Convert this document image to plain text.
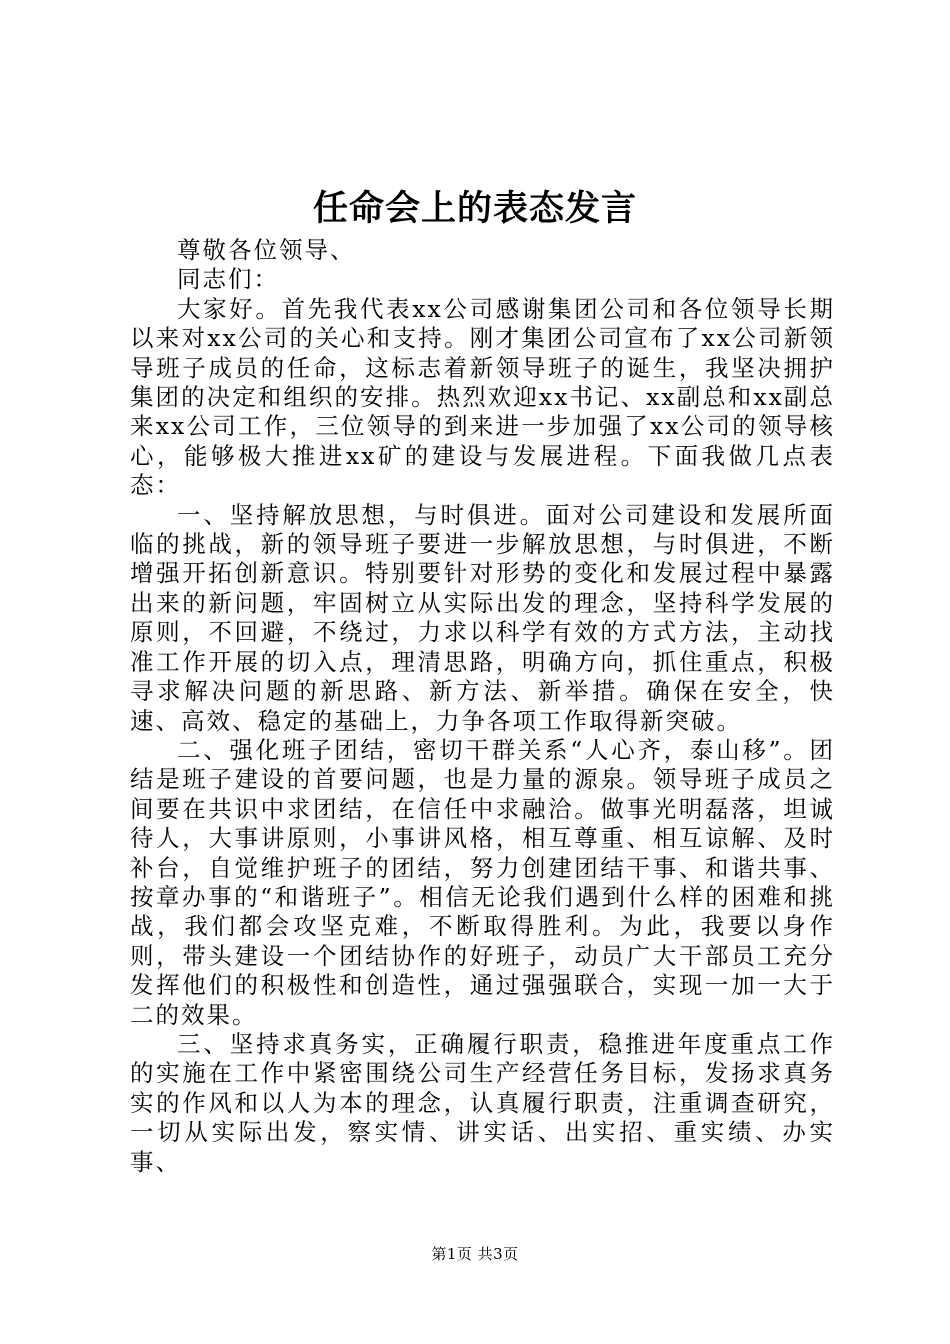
任命会上的表态发言

尊敬各位领导、

同志们：

大家好。首先我代表xx公司感谢集团公司和各位领导长期以来对xx公司的关心和支持。刚才集团公司宣布了xx公司新领导班子成员的任命，这标志着新领导班子的诞生，我坚决拥护集团的决定和组织的安排。热烈欢迎xx书记、xx副总和xx副总来xx公司工作，三位领导的到来进一步加强了xx公司的领导核心，能够极大推进xx矿的建设与发展进程。下面我做几点表态：

一、坚持解放思想，与时俱进。面对公司建设和发展所面临的挑战，新的领导班子要进一步解放思想，与时俱进，不断增强开拓创新意识。特别要针对形势的变化和发展过程中暴露出来的新问题，牢固树立从实际出发的理念，坚持科学发展的原则，不回避，不绕过，力求以科学有效的方式方法，主动找准工作开展的切入点，理清思路，明确方向，抓住重点，积极寻求解决问题的新思路、新方法、新举措。确保在安全，快速、高效、稳定的基础上，力争各项工作取得新突破。

二、强化班子团结，密切干群关系“人心齐，泰山移”。团结是班子建设的首要问题，也是力量的源泉。领导班子成员之间要在共识中求团结，在信任中求融洽。做事光明磊落，坦诚待人，大事讲原则，小事讲风格，相互尊重、相互谅解、及时补台，自觉维护班子的团结，努力创建团结干事、和谐共事、按章办事的“和谐班子”。相信无论我们遇到什么样的困难和挑战，我们都会攻坚克难，不断取得胜利。为此，我要以身作则，带头建设一个团结协作的好班子，动员广大干部员工充分发挥他们的积极性和创造性，通过强强联合，实现一加一大于二的效果。

三、坚持求真务实，正确履行职责，稳推进年度重点工作的实施在工作中紧密围绕公司生产经营任务目标，发扬求真务实的作风和以人为本的理念，认真履行职责，注重调查研究，一切从实际出发，察实情、讲实话、出实招、重实绩、办实事、

第1页 共3页
